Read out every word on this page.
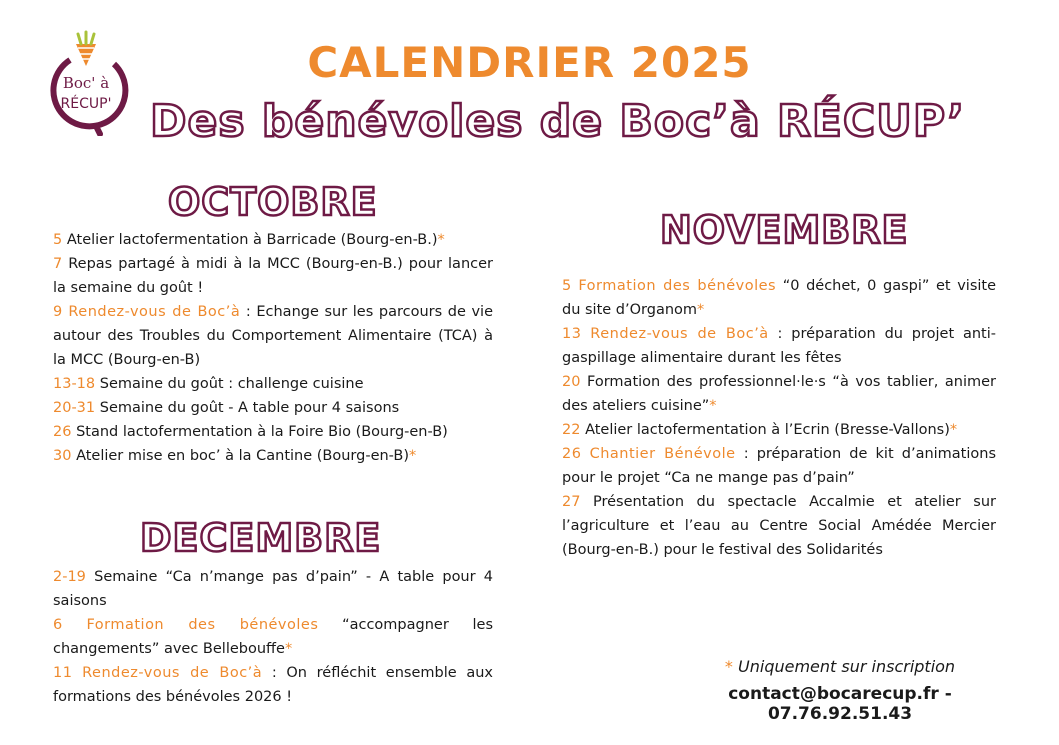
Boc' à
RÉCUP'
CALENDRIER 2025
Des bénévoles de Boc’à RÉCUP’
OCTOBRE

5 Atelier lactofermentation à Barricade (Bourg-en-B.)*

7 Repas partagé à midi à la MCC (Bourg-en-B.) pour lancer la semaine du goût !

9 Rendez-vous de Boc’à : Echange sur les parcours de vie autour des Troubles du Comportement Alimentaire (TCA) à la MCC (Bourg-en-B)

13-18 Semaine du goût : challenge cuisine

20-31 Semaine du goût - A table pour 4 saisons

26 Stand lactofermentation à la Foire Bio (Bourg-en-B)

30 Atelier mise en boc’ à la Cantine (Bourg-en-B)*

DECEMBRE

2-19 Semaine “Ca n’mange pas d’pain” - A table pour 4 saisons

6 Formation des bénévoles “accompagner les changements” avec Bellebouffe*

11 Rendez-vous de Boc’à : On réfléchit ensemble aux formations des bénévoles 2026 !

NOVEMBRE

5 Formation des bénévoles “0 déchet, 0 gaspi” et visite du site d’Organom*

13 Rendez-vous de Boc’à : préparation du projet anti-gaspillage alimentaire durant les fêtes

20 Formation des professionnel·le·s “à vos tablier, animer des ateliers cuisine”*

22 Atelier lactofermentation à l’Ecrin (Bresse-Vallons)*

26 Chantier Bénévole : préparation de kit d’animations pour le projet “Ca ne mange pas d’pain”

27 Présentation du spectacle Accalmie et atelier sur l’agriculture et l’eau au Centre Social Amédée Mercier (Bourg-en-B.) pour le festival des Solidarités

* Uniquement sur inscription
contact@bocarecup.fr - 07.76.92.51.43
